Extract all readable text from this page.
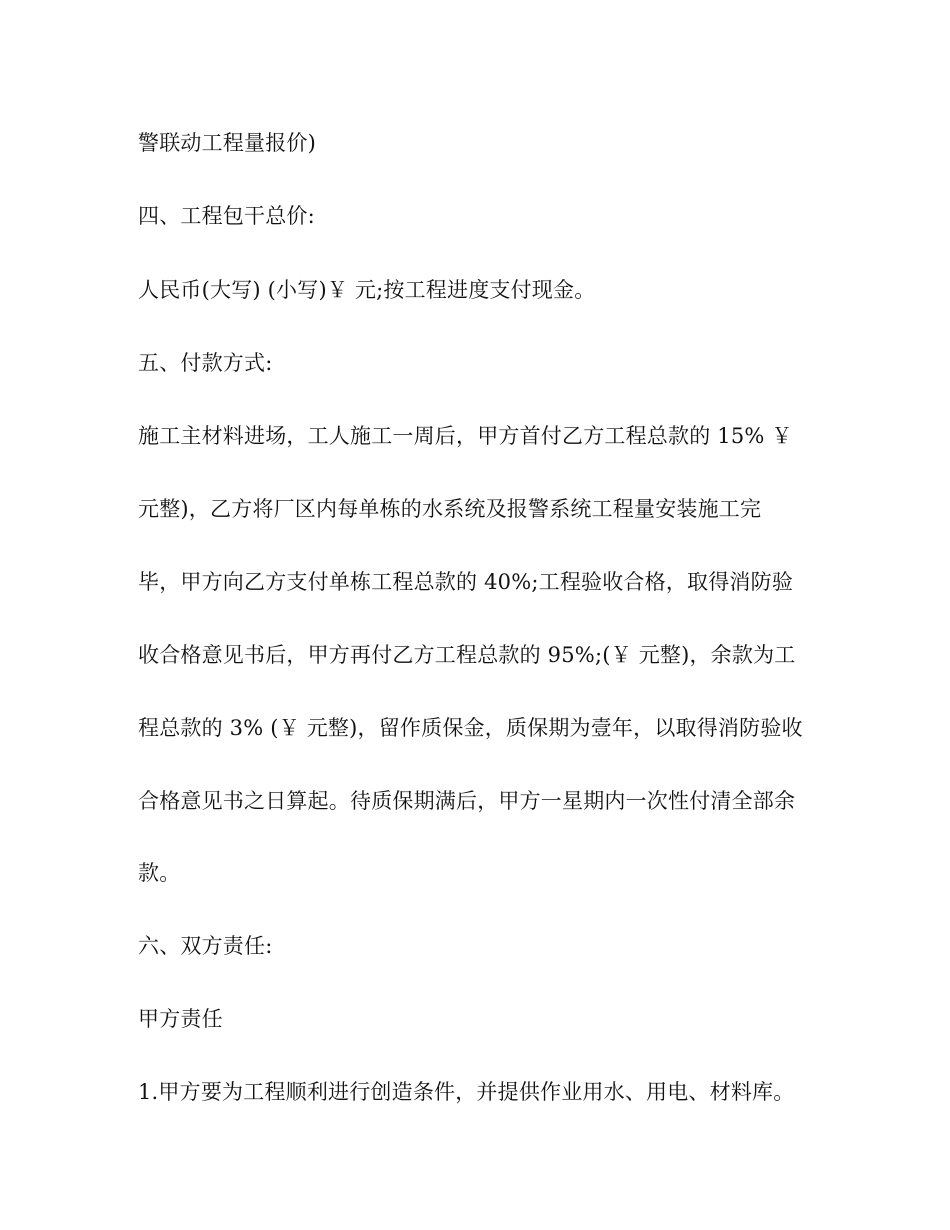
警联动工程量报价)
四、工程包干总价:
人民币(大写) (小写)￥ 元;按工程进度支付现金。
五、付款方式:
施工主材料进场，工人施工一周后，甲方首付乙方工程总款的 15% ￥
元整)，乙方将厂区内每单栋的水系统及报警系统工程量安装施工完
毕，甲方向乙方支付单栋工程总款的 40%;工程验收合格，取得消防验
收合格意见书后，甲方再付乙方工程总款的 95%;(￥ 元整)，余款为工
程总款的 3% (￥ 元整)，留作质保金，质保期为壹年，以取得消防验收
合格意见书之日算起。待质保期满后，甲方一星期内一次性付清全部余
款。
六、双方责任:
甲方责任
1.甲方要为工程顺利进行创造条件，并提供作业用水、用电、材料库。
